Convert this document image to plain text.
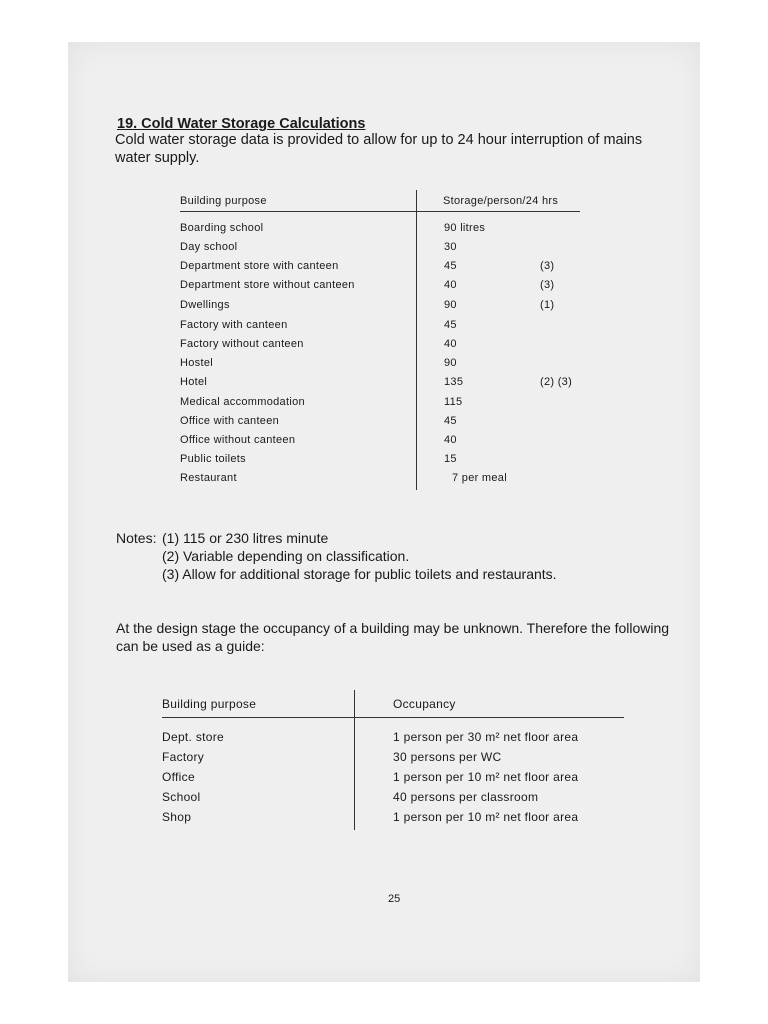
19. Cold Water Storage Calculations
Cold water storage data is provided to allow for up to 24 hour interruption of mains water supply.
Building purpose	Storage/person/24 hrs
Boarding school	90 litres
Day school	30
Department store with canteen	45	(3)
Department store without canteen	40	(3)
Dwellings	90	(1)
Factory with canteen	45
Factory without canteen	40
Hostel	90
Hotel	135	(2) (3)
Medical accommodation	115
Office with canteen	45
Office without canteen	40
Public toilets	15
Restaurant	7 per meal
Notes: (1) 115 or 230 litres minute
(2) Variable depending on classification.
(3) Allow for additional storage for public toilets and restaurants.
At the design stage the occupancy of a building may be unknown. Therefore the following can be used as a guide:
Building purpose	Occupancy
Dept. store	1 person per 30 m² net floor area
Factory	30 persons per WC
Office	1 person per 10 m² net floor area
School	40 persons per classroom
Shop	1 person per 10 m² net floor area
25
